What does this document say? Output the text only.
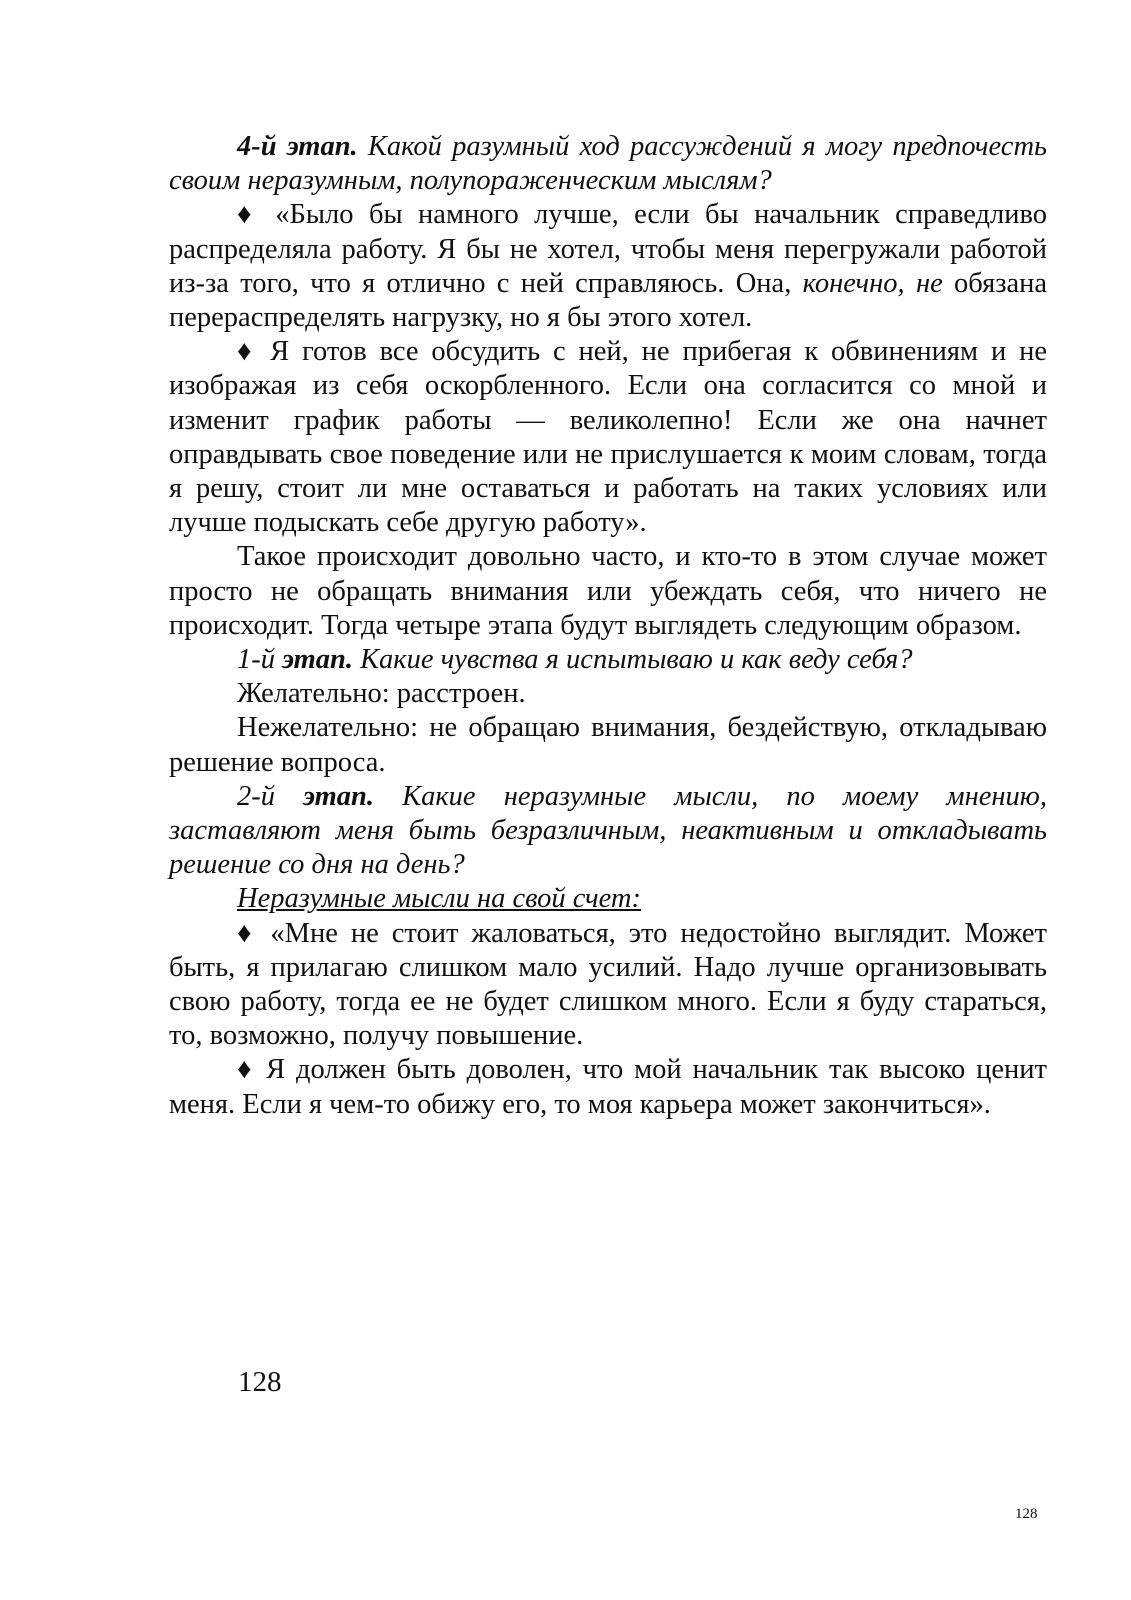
4-й этап. Какой разумный ход рассуждений я могу предпочесть своим неразумным, полупораженческим мыслям?

♦ «Было бы намного лучше, если бы начальник справедливо распределяла работу. Я бы не хотел, чтобы меня перегружали работой из-за того, что я отлично с ней справляюсь. Она, конечно, не обязана перераспределять нагрузку, но я бы этого хотел.

♦ Я готов все обсудить с ней, не прибегая к обвинениям и не изображая из себя оскорбленного. Если она согласится со мной и изменит график работы — великолепно! Если же она начнет оправдывать свое поведение или не прислушается к моим словам, тогда я решу, стоит ли мне оставаться и работать на таких условиях или лучше подыскать себе другую работу».

Такое происходит довольно часто, и кто-то в этом случае может просто не обращать внимания или убеждать себя, что ничего не происходит. Тогда четыре этапа будут выглядеть следующим образом.

1-й этап. Какие чувства я испытываю и как веду себя?

Желательно: расстроен.

Нежелательно: не обращаю внимания, бездействую, откладываю решение вопроса.

2-й этап. Какие неразумные мысли, по моему мнению, заставляют меня быть безразличным, неактивным и откладывать решение со дня на день?

Неразумные мысли на свой счет:

♦ «Мне не стоит жаловаться, это недостойно выглядит. Может быть, я прилагаю слишком мало усилий. Надо лучше организовывать свою работу, тогда ее не будет слишком много. Если я буду стараться, то, возможно, получу повышение.

♦ Я должен быть доволен, что мой начальник так высоко ценит меня. Если я чем-то обижу его, то моя карьера может закончиться».

128
128
